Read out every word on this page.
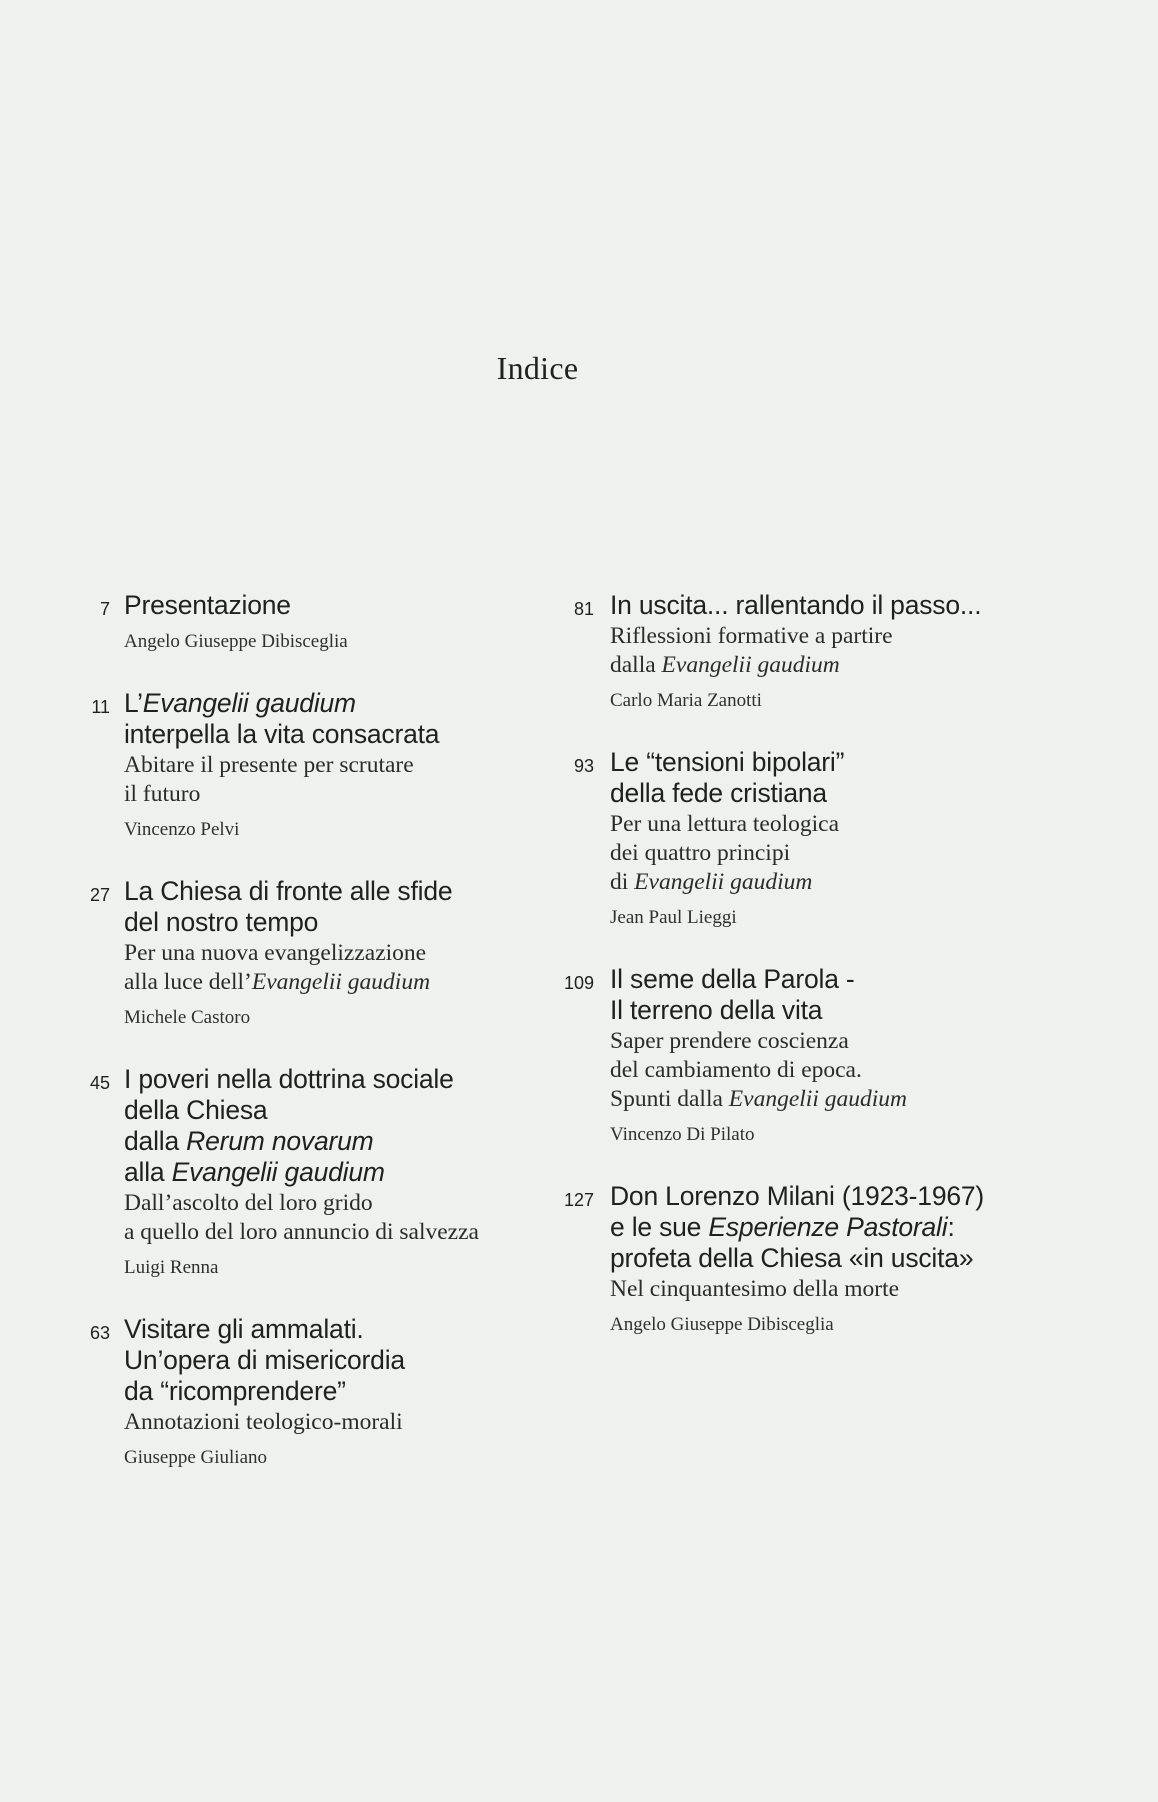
Indice
7 Presentazione
Angelo Giuseppe Dibisceglia
11 L’Evangelii gaudium
interpella la vita consacrata
Abitare il presente per scrutare
il futuro
Vincenzo Pelvi
27 La Chiesa di fronte alle sfide
del nostro tempo
Per una nuova evangelizzazione
alla luce dell’Evangelii gaudium
Michele Castoro
45 I poveri nella dottrina sociale
della Chiesa
dalla Rerum novarum
alla Evangelii gaudium
Dall’ascolto del loro grido
a quello del loro annuncio di salvezza
Luigi Renna
63 Visitare gli ammalati.
Un’opera di misericordia
da “ricomprendere”
Annotazioni teologico-morali
Giuseppe Giuliano
81 In uscita... rallentando il passo...
Riflessioni formative a partire
dalla Evangelii gaudium
Carlo Maria Zanotti
93 Le “tensioni bipolari”
della fede cristiana
Per una lettura teologica
dei quattro principi
di Evangelii gaudium
Jean Paul Lieggi
109 Il seme della Parola -
Il terreno della vita
Saper prendere coscienza
del cambiamento di epoca.
Spunti dalla Evangelii gaudium
Vincenzo Di Pilato
127 Don Lorenzo Milani (1923-1967)
e le sue Esperienze Pastorali:
profeta della Chiesa «in uscita»
Nel cinquantesimo della morte
Angelo Giuseppe Dibisceglia
